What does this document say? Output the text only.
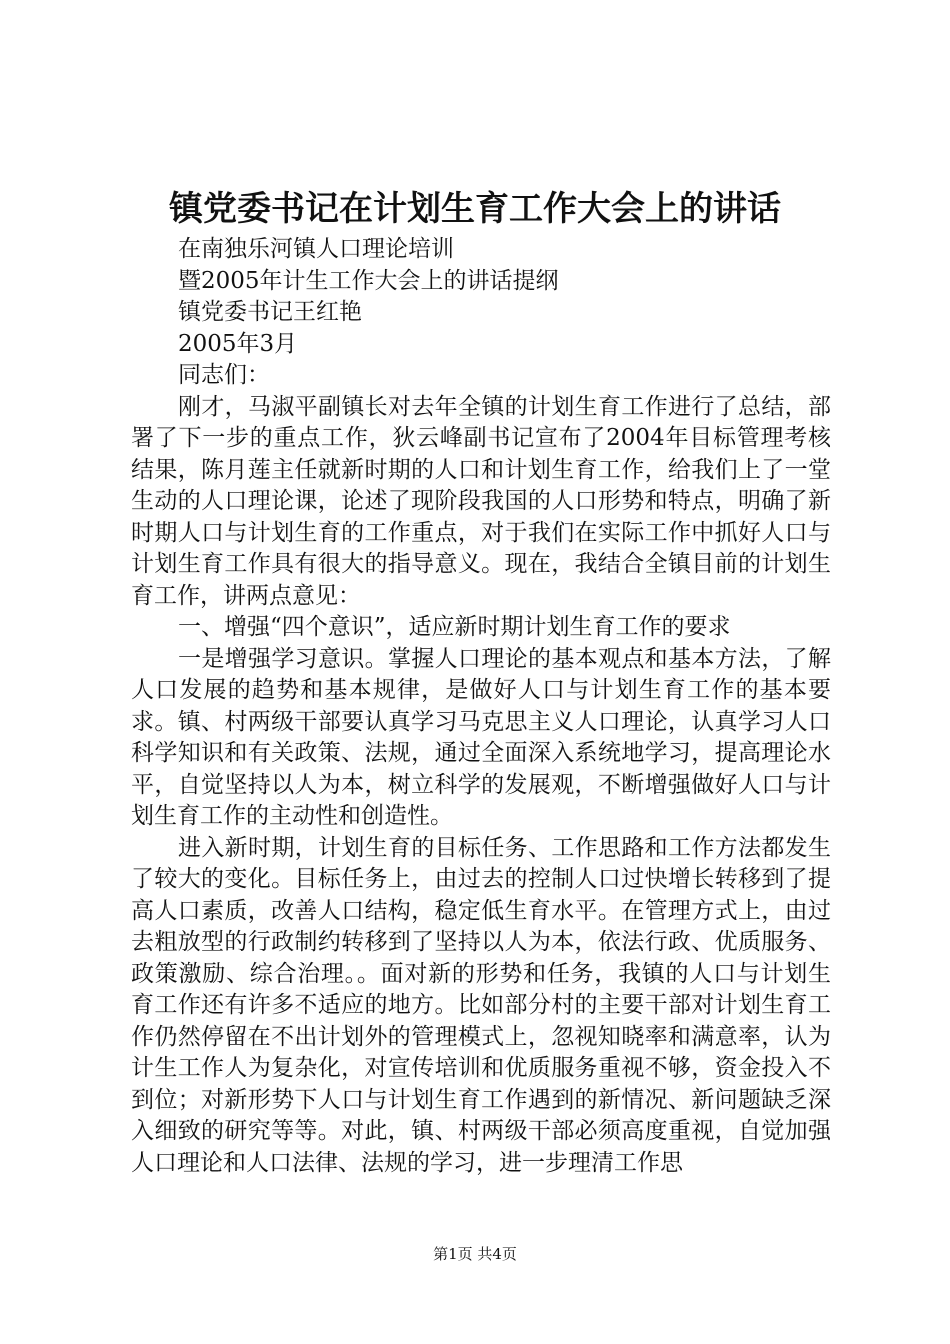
镇党委书记在计划生育工作大会上的讲话
在南独乐河镇人口理论培训
暨2005年计生工作大会上的讲话提纲
镇党委书记王红艳
2005年3月
同志们：

刚才，马淑平副镇长对去年全镇的计划生育工作进行了总结，部署了下一步的重点工作，狄云峰副书记宣布了2004年目标管理考核结果，陈月莲主任就新时期的人口和计划生育工作，给我们上了一堂生动的人口理论课，论述了现阶段我国的人口形势和特点，明确了新时期人口与计划生育的工作重点，对于我们在实际工作中抓好人口与计划生育工作具有很大的指导意义。现在，我结合全镇目前的计划生育工作，讲两点意见：

一、增强“四个意识”，适应新时期计划生育工作的要求

一是增强学习意识。掌握人口理论的基本观点和基本方法，了解人口发展的趋势和基本规律，是做好人口与计划生育工作的基本要求。镇、村两级干部要认真学习马克思主义人口理论，认真学习人口科学知识和有关政策、法规，通过全面深入系统地学习，提高理论水平，自觉坚持以人为本，树立科学的发展观，不断增强做好人口与计划生育工作的主动性和创造性。

进入新时期，计划生育的目标任务、工作思路和工作方法都发生了较大的变化。目标任务上，由过去的控制人口过快增长转移到了提高人口素质，改善人口结构，稳定低生育水平。在管理方式上，由过去粗放型的行政制约转移到了坚持以人为本，依法行政、优质服务、政策激励、综合治理。。面对新的形势和任务，我镇的人口与计划生育工作还有许多不适应的地方。比如部分村的主要干部对计划生育工作仍然停留在不出计划外的管理模式上，忽视知晓率和满意率，认为计生工作人为复杂化，对宣传培训和优质服务重视不够，资金投入不到位；对新形势下人口与计划生育工作遇到的新情况、新问题缺乏深入细致的研究等等。对此，镇、村两级干部必须高度重视，自觉加强人口理论和人口法律、法规的学习，进一步理清工作思

第1页 共4页
